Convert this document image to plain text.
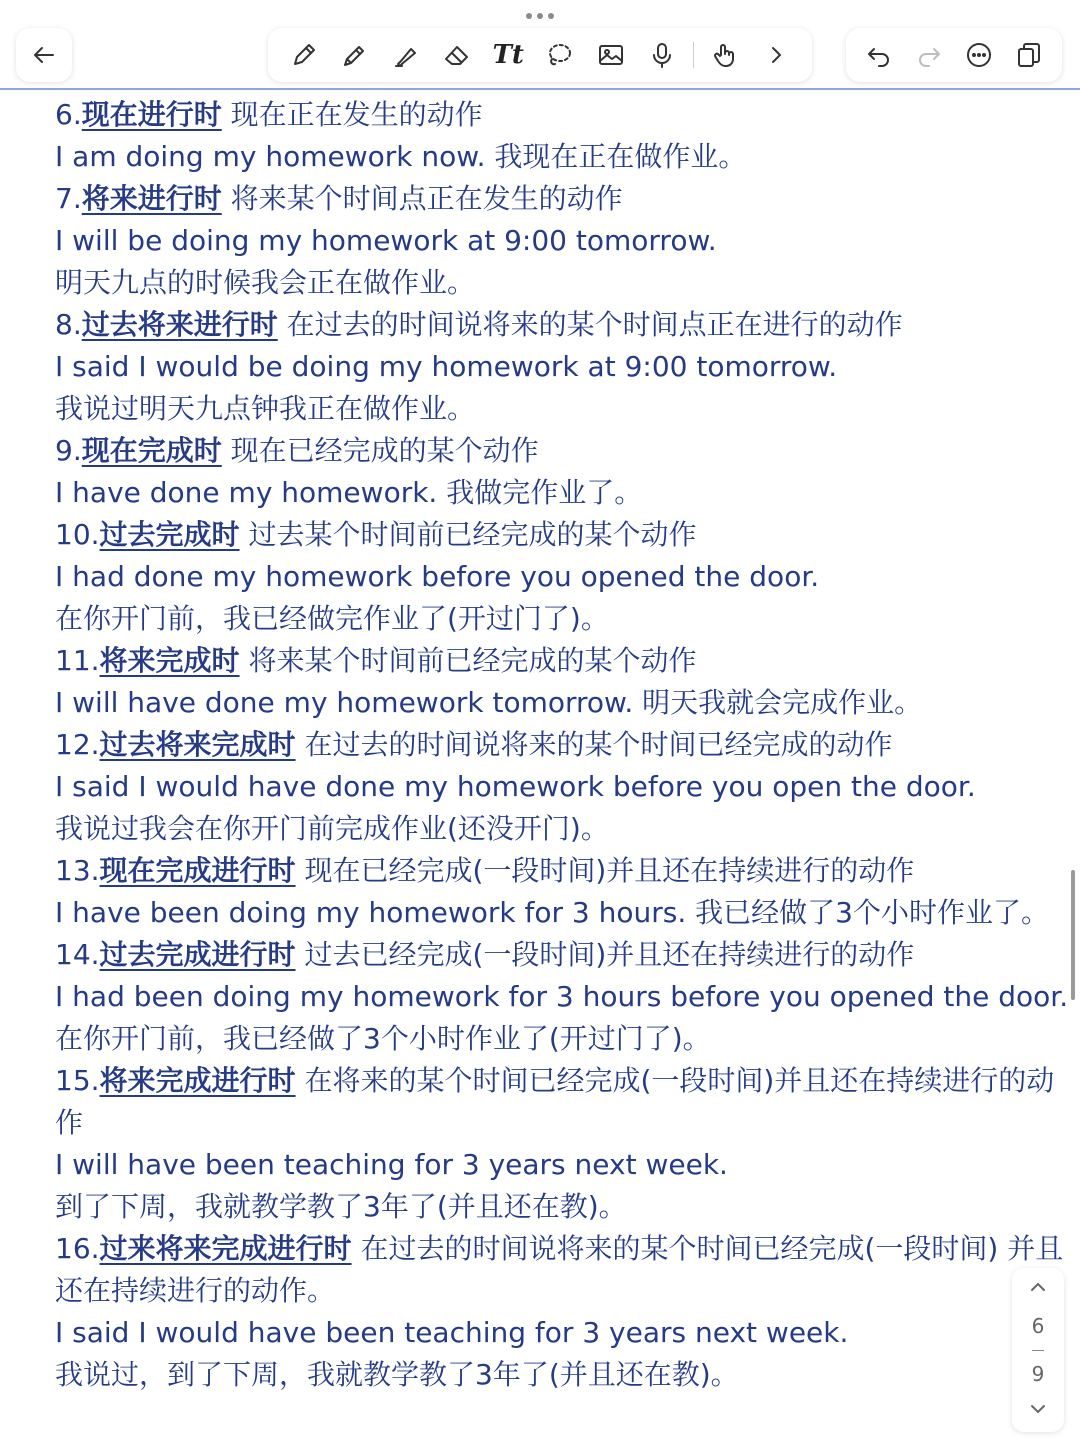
Tt
6.现在进行时 现在正在发生的动作
I am doing my homework now. 我现在正在做作业。
7.将来进行时 将来某个时间点正在发生的动作
I will be doing my homework at 9:00 tomorrow.
明天九点的时候我会正在做作业。
8.过去将来进行时 在过去的时间说将来的某个时间点正在进行的动作
I said I would be doing my homework at 9:00 tomorrow.
我说过明天九点钟我正在做作业。
9.现在完成时 现在已经完成的某个动作
I have done my homework. 我做完作业了。
10.过去完成时 过去某个时间前已经完成的某个动作
I had done my homework before you opened the door.
在你开门前，我已经做完作业了(开过门了)。
11.将来完成时 将来某个时间前已经完成的某个动作
I will have done my homework tomorrow. 明天我就会完成作业。
12.过去将来完成时 在过去的时间说将来的某个时间已经完成的动作
I said I would have done my homework before you open the door.
我说过我会在你开门前完成作业(还没开门)。
13.现在完成进行时 现在已经完成(一段时间)并且还在持续进行的动作
I have been doing my homework for 3 hours. 我已经做了3个小时作业了。
14.过去完成进行时 过去已经完成(一段时间)并且还在持续进行的动作
I had been doing my homework for 3 hours before you opened the door.
在你开门前，我已经做了3个小时作业了(开过门了)。
15.将来完成进行时 在将来的某个时间已经完成(一段时间)并且还在持续进行的动作
I will have been teaching for 3 years next week.
到了下周，我就教学教了3年了(并且还在教)。
16.过来将来完成进行时 在过去的时间说将来的某个时间已经完成(一段时间) 并且还在持续进行的动作。
I said I would have been teaching for 3 years next week.
我说过，到了下周，我就教学教了3年了(并且还在教)。
6
9
